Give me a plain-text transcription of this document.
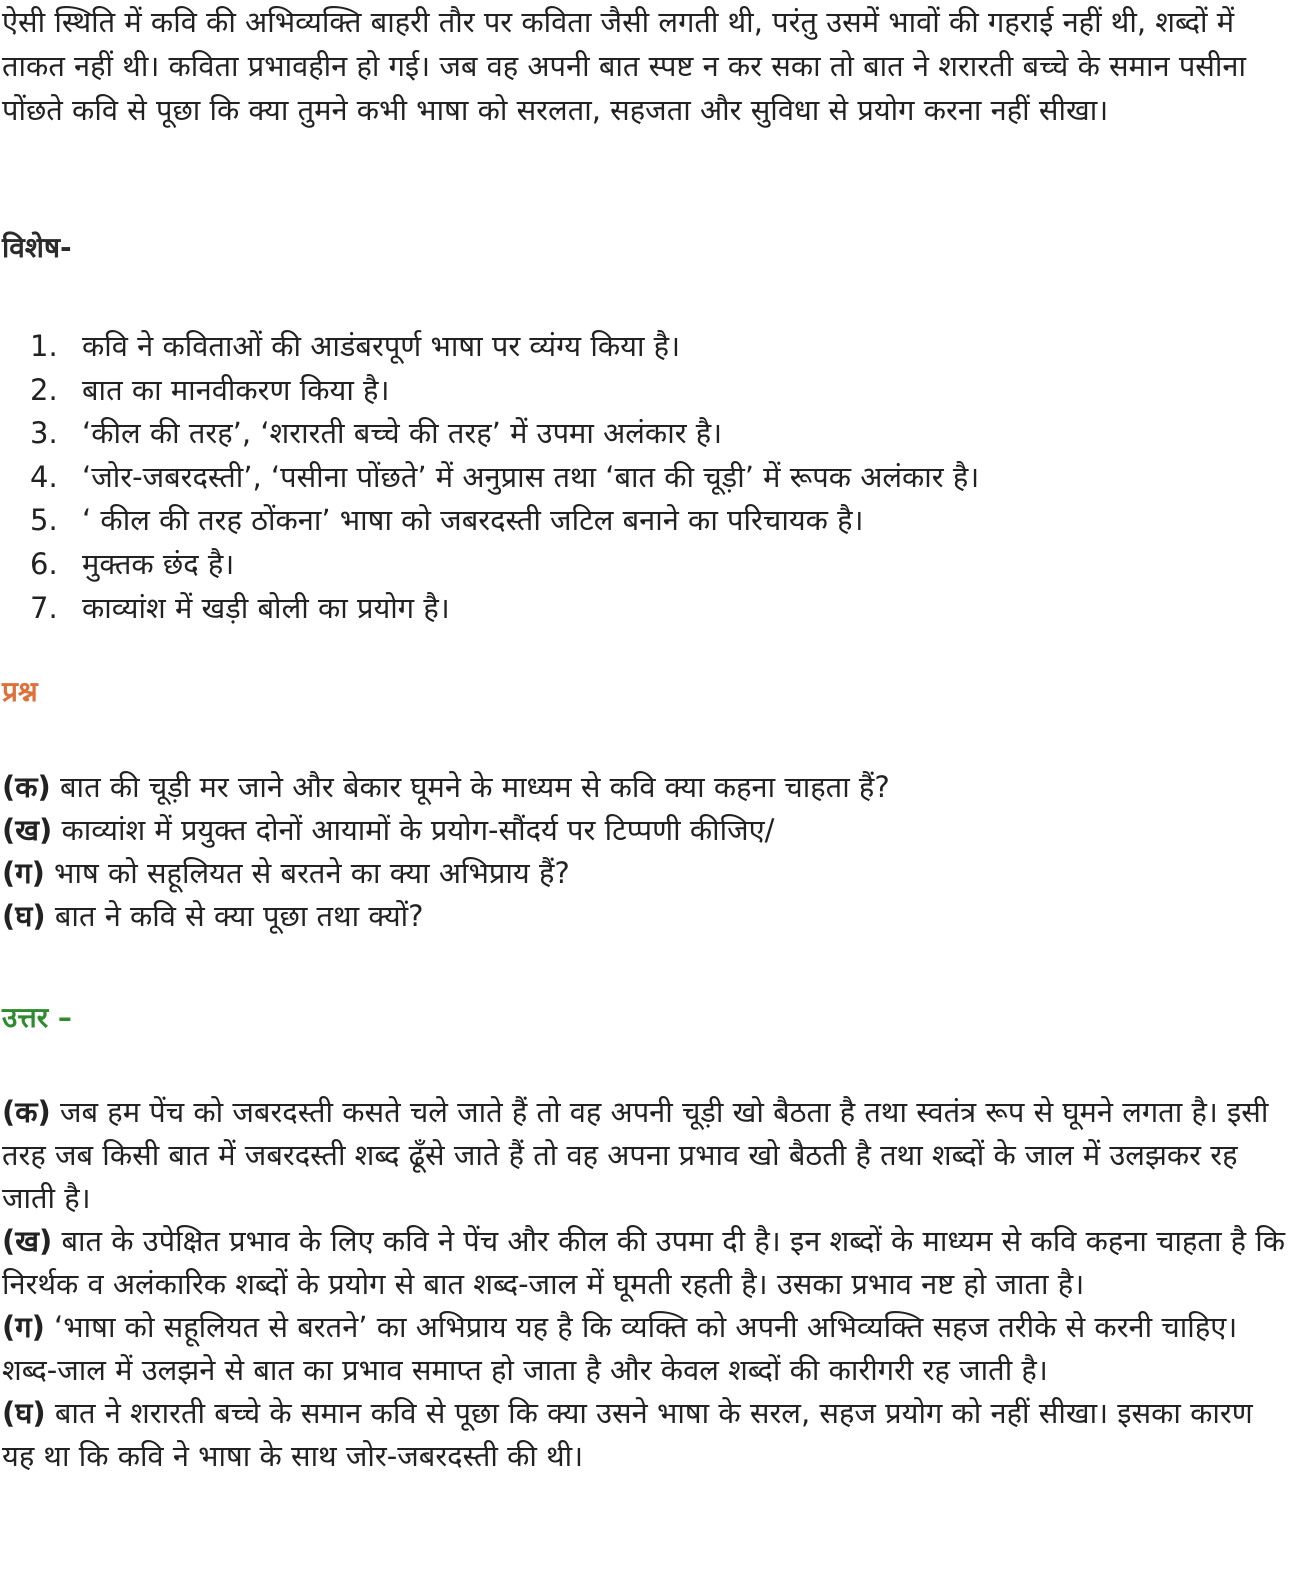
ऐसी स्थिति में कवि की अभिव्यक्ति बाहरी तौर पर कविता जैसी लगती थी, परंतु उसमें भावों की गहराई नहीं थी, शब्दों में ताकत नहीं थी। कविता प्रभावहीन हो गई। जब वह अपनी बात स्पष्ट न कर सका तो बात ने शरारती बच्चे के समान पसीना पोंछते कवि से पूछा कि क्या तुमने कभी भाषा को सरलता, सहजता और सुविधा से प्रयोग करना नहीं सीखा।

विशेष-
1. कवि ने कविताओं की आडंबरपूर्ण भाषा पर व्यंग्य किया है।
2. बात का मानवीकरण किया है।
3. ‘कील की तरह’, ‘शरारती बच्चे की तरह’ में उपमा अलंकार है।
4. ‘जोर-जबरदस्ती’, ‘पसीना पोंछते’ में अनुप्रास तथा ‘बात की चूड़ी’ में रूपक अलंकार है।
5. ‘ कील की तरह ठोंकना’ भाषा को जबरदस्ती जटिल बनाने का परिचायक है।
6. मुक्तक छंद है।
7. काव्यांश में खड़ी बोली का प्रयोग है।
प्रश्न

(क) बात की चूड़ी मर जाने और बेकार घूमने के माध्यम से कवि क्या कहना चाहता हैं?

(ख) काव्यांश में प्रयुक्त दोनों आयामों के प्रयोग-सौंदर्य पर टिप्पणी कीजिए/

(ग) भाष को सहूलियत से बरतने का क्या अभिप्राय हैं?

(घ) बात ने कवि से क्या पूछा तथा क्यों?

उत्तर –

(क) जब हम पेंच को जबरदस्ती कसते चले जाते हैं तो वह अपनी चूड़ी खो बैठता है तथा स्वतंत्र रूप से घूमने लगता है। इसी तरह जब किसी बात में जबरदस्ती शब्द ढूँसे जाते हैं तो वह अपना प्रभाव खो बैठती है तथा शब्दों के जाल में उलझकर रह जाती है।

(ख) बात के उपेक्षित प्रभाव के लिए कवि ने पेंच और कील की उपमा दी है। इन शब्दों के माध्यम से कवि कहना चाहता है कि निरर्थक व अलंकारिक शब्दों के प्रयोग से बात शब्द-जाल में घूमती रहती है। उसका प्रभाव नष्ट हो जाता है।

(ग) ‘भाषा को सहूलियत से बरतने’ का अभिप्राय यह है कि व्यक्ति को अपनी अभिव्यक्ति सहज तरीके से करनी चाहिए। शब्द-जाल में उलझने से बात का प्रभाव समाप्त हो जाता है और केवल शब्दों की कारीगरी रह जाती है।

(घ) बात ने शरारती बच्चे के समान कवि से पूछा कि क्या उसने भाषा के सरल, सहज प्रयोग को नहीं सीखा। इसका कारण यह था कि कवि ने भाषा के साथ जोर-जबरदस्ती की थी।
